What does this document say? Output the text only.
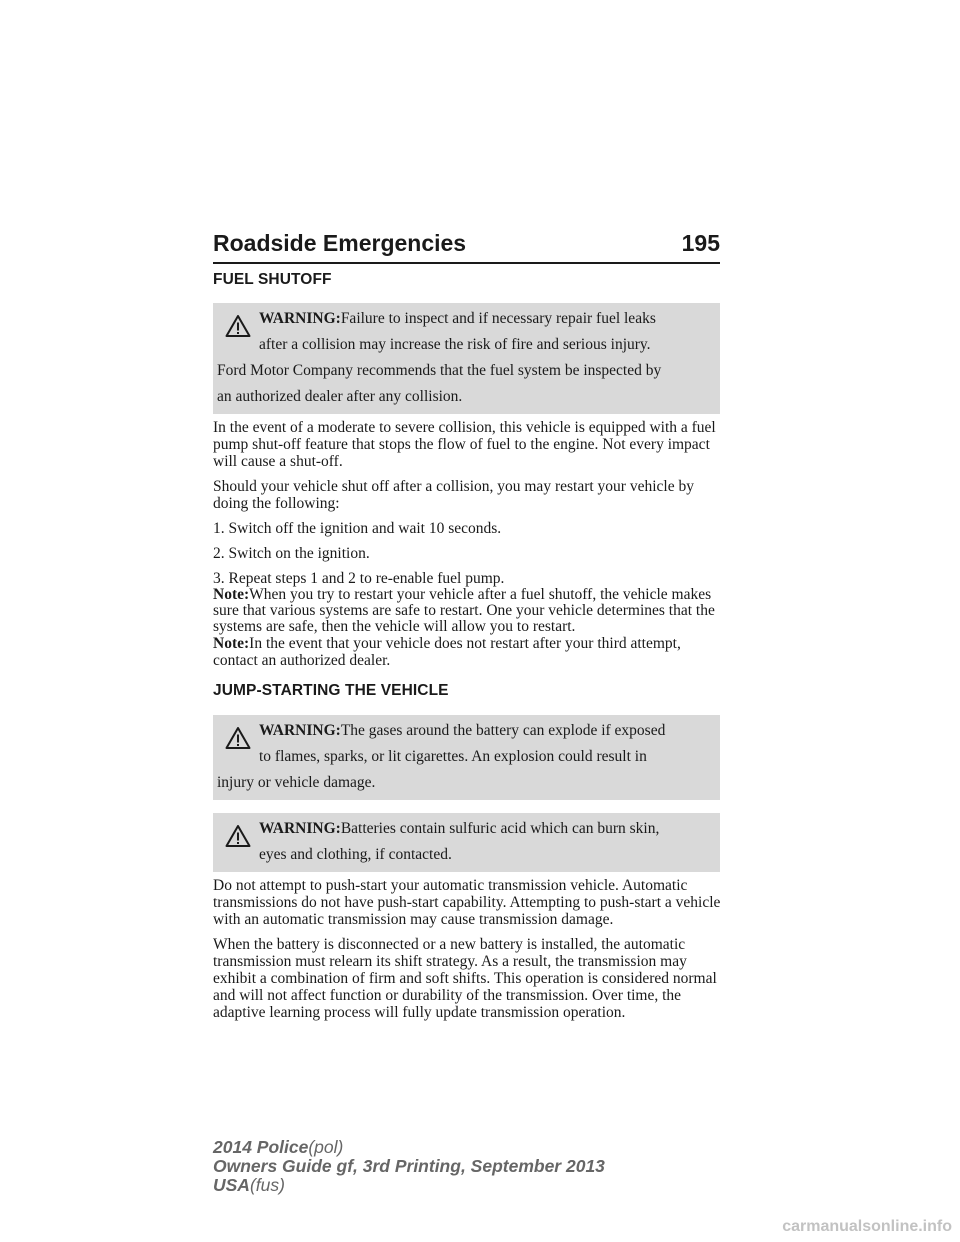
Roadside Emergencies	195
FUEL SHUTOFF
WARNING:Failure to inspect and if necessary repair fuel leaks
after a collision may increase the risk of fire and serious injury.
Ford Motor Company recommends that the fuel system be inspected by
an authorized dealer after any collision.

In the event of a moderate to severe collision, this vehicle is equipped with a fuel pump shut-off feature that stops the flow of fuel to the engine. Not every impact will cause a shut-off.

Should your vehicle shut off after a collision, you may restart your vehicle by doing the following:

1. Switch off the ignition and wait 10 seconds.

2. Switch on the ignition.

3. Repeat steps 1 and 2 to re-enable fuel pump.

Note:When you try to restart your vehicle after a fuel shutoff, the vehicle makes sure that various systems are safe to restart. One your vehicle determines that the systems are safe, then the vehicle will allow you to restart.

Note:In the event that your vehicle does not restart after your third attempt, contact an authorized dealer.

JUMP-STARTING THE VEHICLE
WARNING:The gases around the battery can explode if exposed
to flames, sparks, or lit cigarettes. An explosion could result in
injury or vehicle damage.
WARNING:Batteries contain sulfuric acid which can burn skin,
eyes and clothing, if contacted.

Do not attempt to push-start your automatic transmission vehicle. Automatic transmissions do not have push-start capability. Attempting to push-start a vehicle with an automatic transmission may cause transmission damage.

When the battery is disconnected or a new battery is installed, the automatic transmission must relearn its shift strategy. As a result, the transmission may exhibit a combination of firm and soft shifts. This operation is considered normal and will not affect function or durability of the transmission. Over time, the adaptive learning process will fully update transmission operation.

2014 Police(pol)
Owners Guide gf, 3rd Printing, September 2013
USA(fus)
carmanualsonline.info
